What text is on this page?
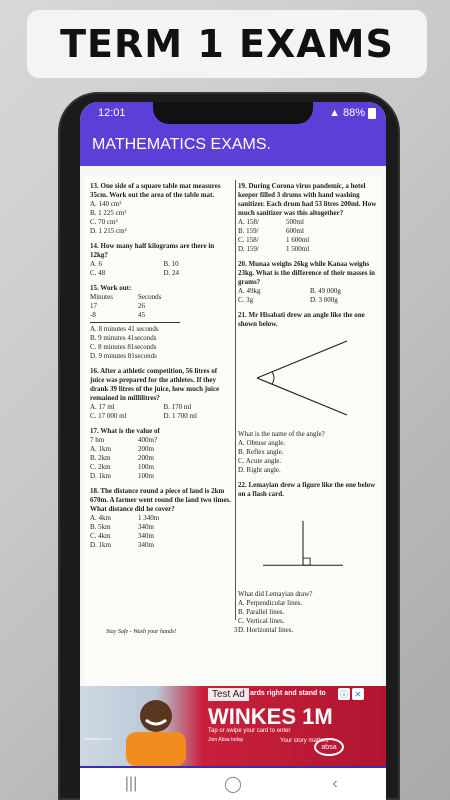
TERM 1 EXAMS
12:01	▲ 88%
MATHEMATICS EXAMS.
13. One side of a square table mat measures 35cm. Work out the area of the table mat.
A. 140 cm²
B. 1 225 cm²
C. 70 cm²
D. 1 215 cm²
14. How many half kilograms are there in 12kg?
A. 6	B. 10
C. 48	D. 24
15. Work out:
Minutes	Seconds
17	26
-8	45
A. 8 minutes 41 seconds
B. 9 minutes 41seconds
C. 8 minutes 81seconds
D. 9 minutes 81seconds
16. After a athletic competition, 56 litres of juice was prepared for the athletes. If they drank 39 litres of the juice, how much juice remained in millilitres?
A. 17 ml	B. 170 ml
C. 17 000 ml	D. 1 700 ml
17. What is the value of
7 hm	400m?
A. 1km	200m
B. 2km	200m
C. 2km	100m
D. 1km	100m
18. The distance round a piece of land is 2km 670m. A farmer went round the land two times. What distance did he cover?
A. 4km	1 340m
B. 5km	340m
C. 4km	340m
D. 1km	340m
19. During Corona virus pandemic, a hotel keeper filled 3 drums with hand washing sanitizer. Each drum had 53 litres 200ml. How much sanitizer was this altogether?
A. 158/	500ml
B. 159/	600ml
C. 158/	1 600ml
D. 159/	1 500ml
20. Munaa weighs 26kg while Kanaa weighs 23kg. What is the difference of their masses in grams?
A. 49kg	B. 49 000g
C. 3g	D. 3 000g
21. Mr Hisabati drew an angle like the one shown below.
What is the name of the angle?
A. Obtuse angle.
B. Reflex angle.
C. Acute angle.
D. Right angle.
22. Lemayian drew a figure like the one below on a flash card.
What did Lemayian draw?
A. Perpendicular lines.
B. Parallel lines.
C. Vertical lines.
D. Horizontal lines.
Stay Safe - Wash your hands!	3
absabank.co.ke
Test Ad ards right and stand to
WINKES 1M
Tap or swipe your card to enter
Join Absa today	Your story matters
absa
ⓘ ✕
|||	◯	‹
